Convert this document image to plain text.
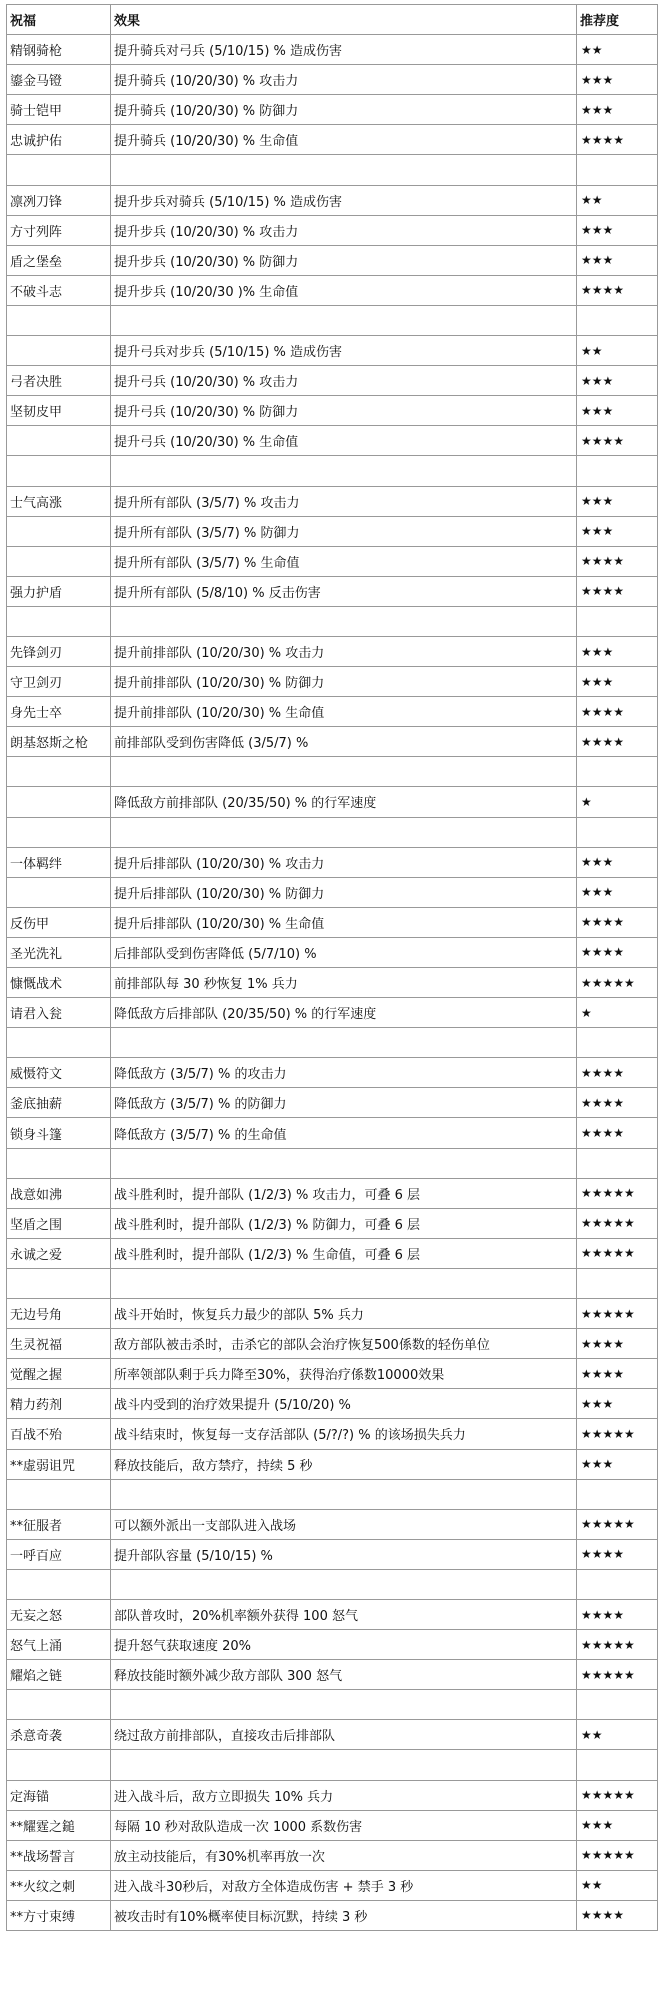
祝福	效果	推荐度
精钢骑枪	提升骑兵对弓兵 (5/10/15) % 造成伤害	★★
鎏金马镫	提升骑兵 (10/20/30) % 攻击力	★★★
骑士铠甲	提升骑兵 (10/20/30) % 防御力	★★★
忠诚护佑	提升骑兵 (10/20/30) % 生命值	★★★★

凛冽刀锋	提升步兵对骑兵 (5/10/15) % 造成伤害	★★
方寸列阵	提升步兵 (10/20/30) % 攻击力	★★★
盾之堡垒	提升步兵 (10/20/30) % 防御力	★★★
不破斗志	提升步兵 (10/20/30 )% 生命值	★★★★

	提升弓兵对步兵 (5/10/15) % 造成伤害	★★
弓者决胜	提升弓兵 (10/20/30) % 攻击力	★★★
坚韧皮甲	提升弓兵 (10/20/30) % 防御力	★★★
	提升弓兵 (10/20/30) % 生命值	★★★★

士气高涨	提升所有部队 (3/5/7) % 攻击力	★★★
	提升所有部队 (3/5/7) % 防御力	★★★
	提升所有部队 (3/5/7) % 生命值	★★★★
强力护盾	提升所有部队 (5/8/10) % 反击伤害	★★★★

先锋剑刃	提升前排部队 (10/20/30) % 攻击力	★★★
守卫剑刃	提升前排部队 (10/20/30) % 防御力	★★★
身先士卒	提升前排部队 (10/20/30) % 生命值	★★★★
朗基怒斯之枪	前排部队受到伤害降低 (3/5/7) %	★★★★

	降低敌方前排部队 (20/35/50) % 的行军速度	★

一体羁绊	提升后排部队 (10/20/30) % 攻击力	★★★
	提升后排部队 (10/20/30) % 防御力	★★★
反伤甲	提升后排部队 (10/20/30) % 生命值	★★★★
圣光洗礼	后排部队受到伤害降低 (5/7/10) %	★★★★
慷慨战术	前排部队每 30 秒恢复 1% 兵力	★★★★★
请君入瓮	降低敌方后排部队 (20/35/50) % 的行军速度	★

威慑符文	降低敌方 (3/5/7) % 的攻击力	★★★★
釜底抽薪	降低敌方 (3/5/7) % 的防御力	★★★★
锁身斗篷	降低敌方 (3/5/7) % 的生命值	★★★★

战意如沸	战斗胜利时，提升部队 (1/2/3) % 攻击力，可叠 6 层	★★★★★
坚盾之围	战斗胜利时，提升部队 (1/2/3) % 防御力，可叠 6 层	★★★★★
永诚之爱	战斗胜利时，提升部队 (1/2/3) % 生命值，可叠 6 层	★★★★★

无边号角	战斗开始时，恢复兵力最少的部队 5% 兵力	★★★★★
生灵祝福	敌方部队被击杀时，击杀它的部队会治疗恢复500係数的轻伤单位	★★★★
觉醒之握	所率领部队剩于兵力降至30%，获得治疗係数10000效果	★★★★
精力药剂	战斗内受到的治疗效果提升 (5/10/20) %	★★★
百战不殆	战斗结束时，恢复每一支存活部队 (5/?/?) % 的该场损失兵力	★★★★★
**虚弱诅咒	释放技能后，敌方禁疗，持续 5 秒	★★★

**征服者	可以额外派出一支部队进入战场	★★★★★
一呼百应	提升部队容量 (5/10/15) %	★★★★

无妄之怒	部队普攻时，20%机率额外获得 100 怒气	★★★★
怒气上涌	提升怒气获取速度 20%	★★★★★
耀焰之链	释放技能时额外减少敌方部队 300 怒气	★★★★★

杀意奇袭	绕过敌方前排部队，直接攻击后排部队	★★

定海锚	进入战斗后，敌方立即损失 10% 兵力	★★★★★
**耀霆之鎚	每隔 10 秒对敌队造成一次 1000 系数伤害	★★★
**战场誓言	放主动技能后，有30%机率再放一次	★★★★★
**火纹之刺	进入战斗30秒后，对敌方全体造成伤害 + 禁手 3 秒	★★
**方寸束缚	被攻击时有10%概率使目标沉默，持续 3 秒	★★★★
